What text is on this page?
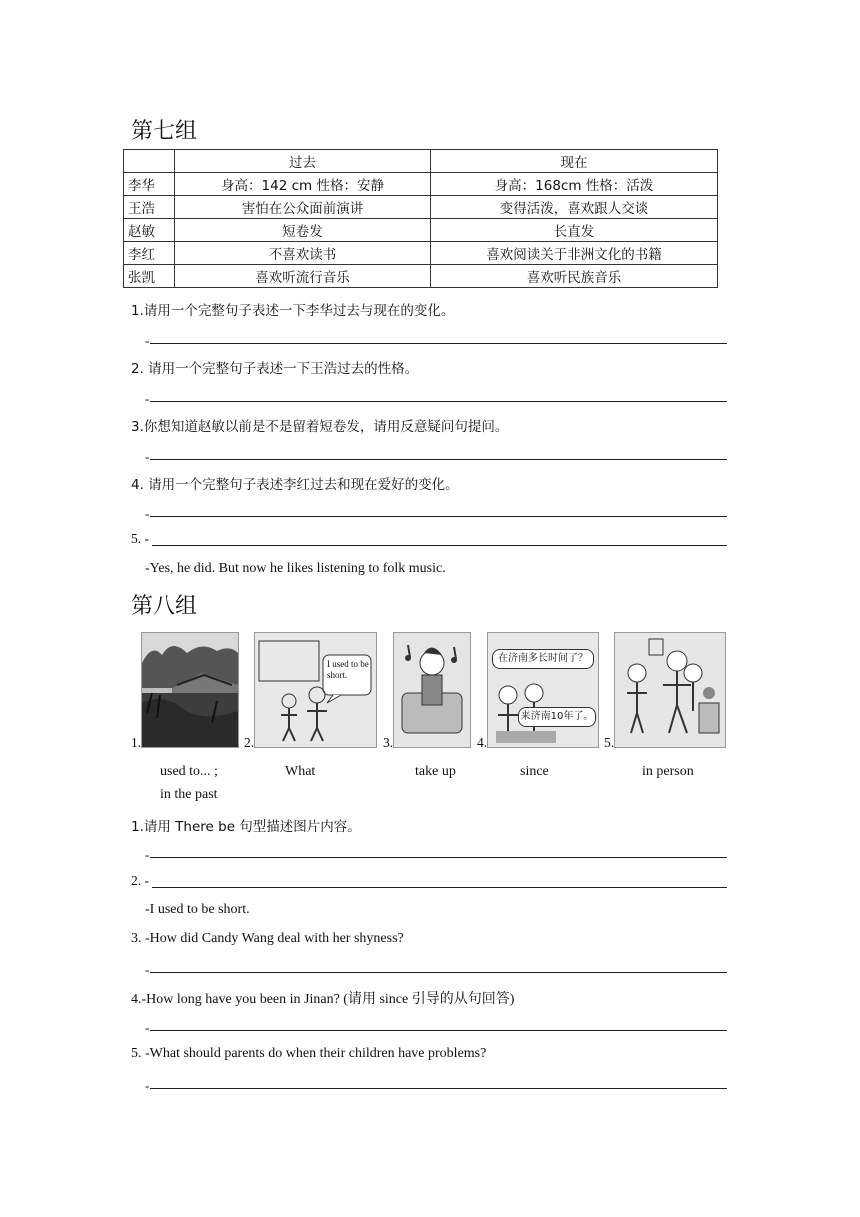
第七组
	过去	现在
李华	身高：142 cm 性格：安静	身高：168cm 性格：活泼
王浩	害怕在公众面前演讲	变得活泼，喜欢跟人交谈
赵敏	短卷发	长直发
李红	不喜欢读书	喜欢阅读关于非洲文化的书籍
张凯	喜欢听流行音乐	喜欢听民族音乐
1.请用一个完整句子表述一下李华过去与现在的变化。
-
2. 请用一个完整句子表述一下王浩过去的性格。
-
3.你想知道赵敏以前是不是留着短卷发，请用反意疑问句提问。
-
4. 请用一个完整句子表述李红过去和现在爱好的变化。
-
5. -
-Yes, he did. But now he likes listening to folk music.
第八组
1.	2.
I used to be short.
3.	4.
在济南多长时间了？
来济南10年了。
5.
used to... ;
in the past
What	take up	since	in person
1.请用 There be 句型描述图片内容。
-
2. -
-I used to be short.
3. -How did Candy Wang deal with her shyness?
-
4.-How long have you been in Jinan? (请用 since 引导的从句回答)
-
5. -What should parents do when their children have problems?
-
